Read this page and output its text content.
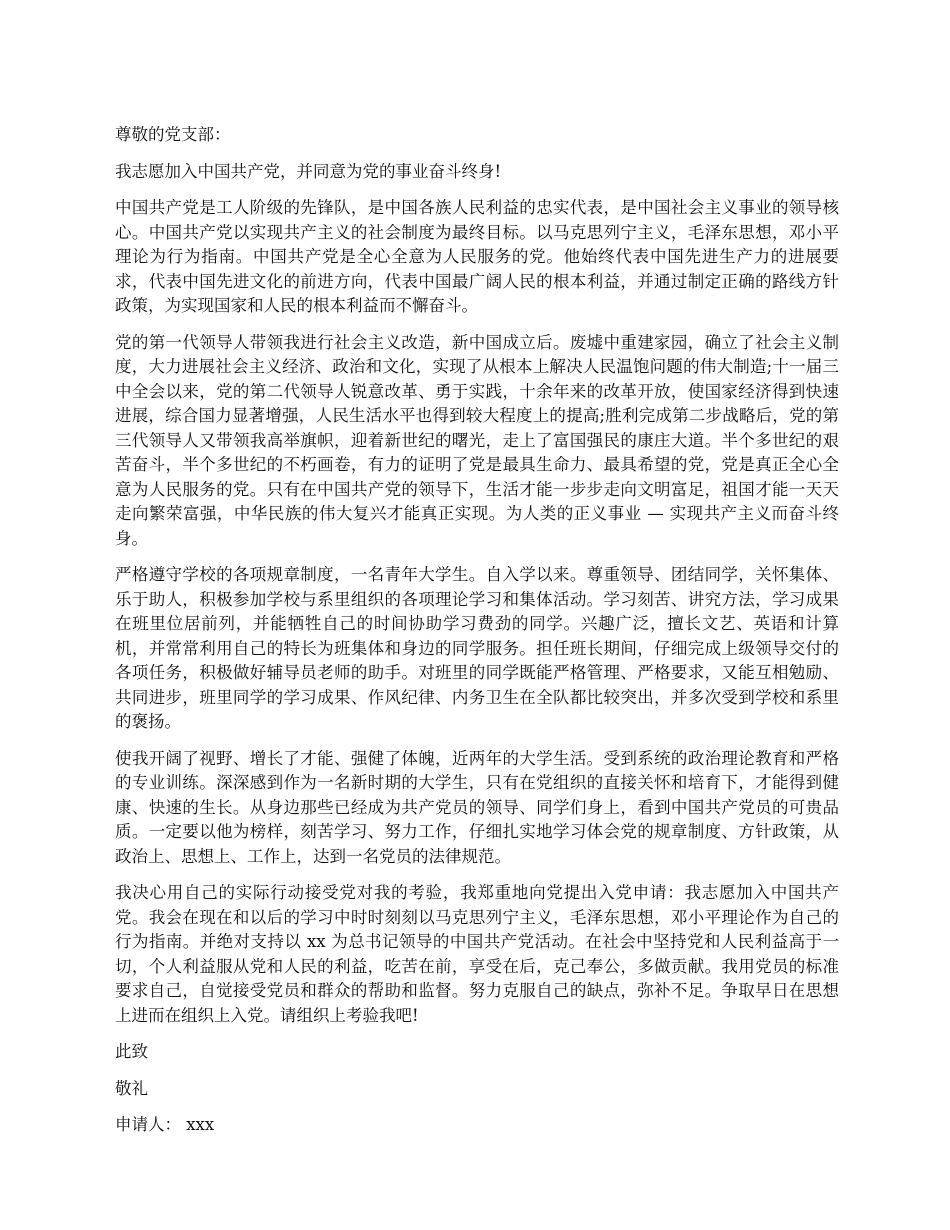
尊敬的党支部：

我志愿加入中国共产党，并同意为党的事业奋斗终身!

中国共产党是工人阶级的先锋队，是中国各族人民利益的忠实代表，是中国社会主义事业的领导核心。中国共产党以实现共产主义的社会制度为最终目标。以马克思列宁主义，毛泽东思想，邓小平理论为行为指南。中国共产党是全心全意为人民服务的党。他始终代表中国先进生产力的进展要求，代表中国先进文化的前进方向，代表中国最广阔人民的根本利益，并通过制定正确的路线方针政策，为实现国家和人民的根本利益而不懈奋斗。

党的第一代领导人带领我进行社会主义改造，新中国成立后。废墟中重建家园，确立了社会主义制度，大力进展社会主义经济、政治和文化，实现了从根本上解决人民温饱问题的伟大制造;十一届三中全会以来，党的第二代领导人锐意改革、勇于实践，十余年来的改革开放，使国家经济得到快速进展，综合国力显著增强，人民生活水平也得到较大程度上的提高;胜利完成第二步战略后，党的第三代领导人又带领我高举旗帜，迎着新世纪的曙光，走上了富国强民的康庄大道。半个多世纪的艰苦奋斗，半个多世纪的不朽画卷，有力的证明了党是最具生命力、最具希望的党，党是真正全心全意为人民服务的党。只有在中国共产党的领导下，生活才能一步步走向文明富足，祖国才能一天天走向繁荣富强，中华民族的伟大复兴才能真正实现。为人类的正义事业 — 实现共产主义而奋斗终身。

严格遵守学校的各项规章制度，一名青年大学生。自入学以来。尊重领导、团结同学，关怀集体、乐于助人，积极参加学校与系里组织的各项理论学习和集体活动。学习刻苦、讲究方法，学习成果在班里位居前列，并能牺牲自己的时间协助学习费劲的同学。兴趣广泛，擅长文艺、英语和计算机，并常常利用自己的特长为班集体和身边的同学服务。担任班长期间，仔细完成上级领导交付的各项任务，积极做好辅导员老师的助手。对班里的同学既能严格管理、严格要求，又能互相勉励、共同进步，班里同学的学习成果、作风纪律、内务卫生在全队都比较突出，并多次受到学校和系里的褒扬。

使我开阔了视野、增长了才能、强健了体魄，近两年的大学生活。受到系统的政治理论教育和严格的专业训练。深深感到作为一名新时期的大学生，只有在党组织的直接关怀和培育下，才能得到健康、快速的生长。从身边那些已经成为共产党员的领导、同学们身上，看到中国共产党员的可贵品质。一定要以他为榜样，刻苦学习、努力工作，仔细扎实地学习体会党的规章制度、方针政策，从政治上、思想上、工作上，达到一名党员的法律规范。

我决心用自己的实际行动接受党对我的考验，我郑重地向党提出入党申请：我志愿加入中国共产党。我会在现在和以后的学习中时时刻刻以马克思列宁主义，毛泽东思想，邓小平理论作为自己的行为指南。并绝对支持以 xx 为总书记领导的中国共产党活动。在社会中坚持党和人民利益高于一切，个人利益服从党和人民的利益，吃苦在前，享受在后，克己奉公，多做贡献。我用党员的标准要求自己，自觉接受党员和群众的帮助和监督。努力克服自己的缺点，弥补不足。争取早日在思想上进而在组织上入党。请组织上考验我吧!

此致

敬礼

申请人： xxx
